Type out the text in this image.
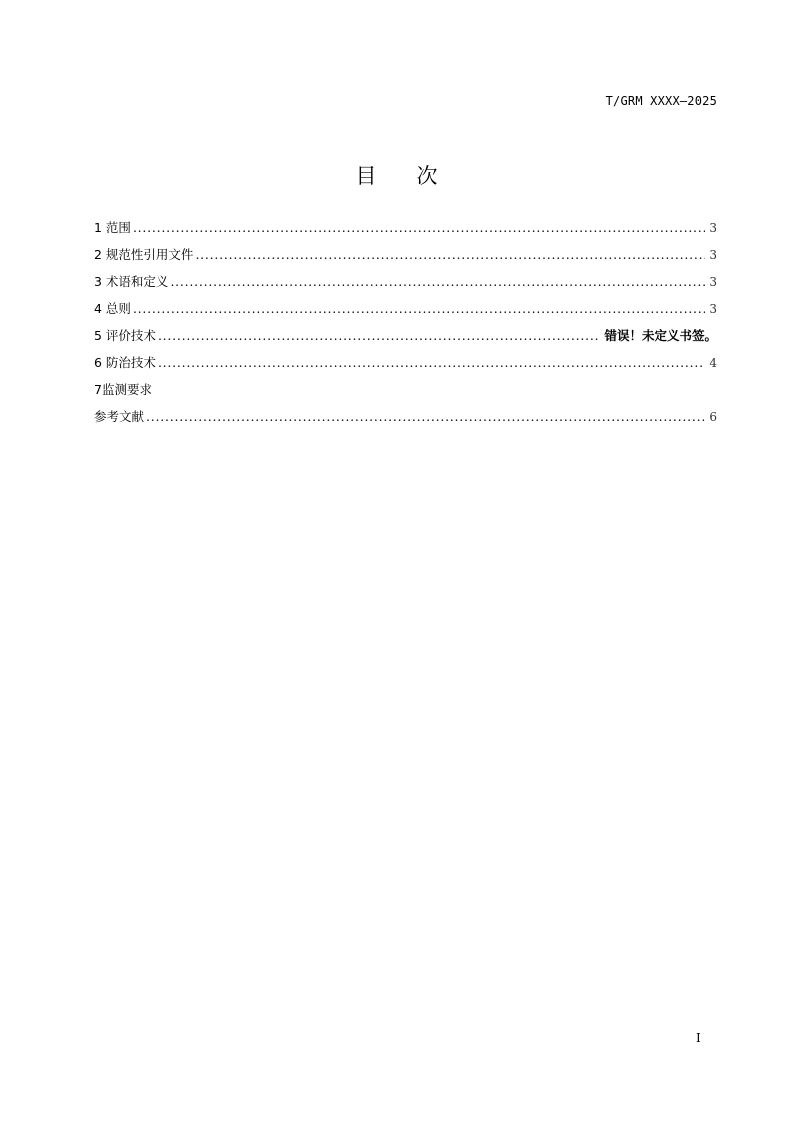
T/GRM XXXX—2025
目次
1 范围 . . .	3
2 规范性引用文件 . . .	3
3 术语和定义 . . .	3
4 总则 . . .	3
5 评价技术 . . .	错误！未定义书签。
6 防治技术 . . .	4
7监测要求
参考文献 . . .	6
I
